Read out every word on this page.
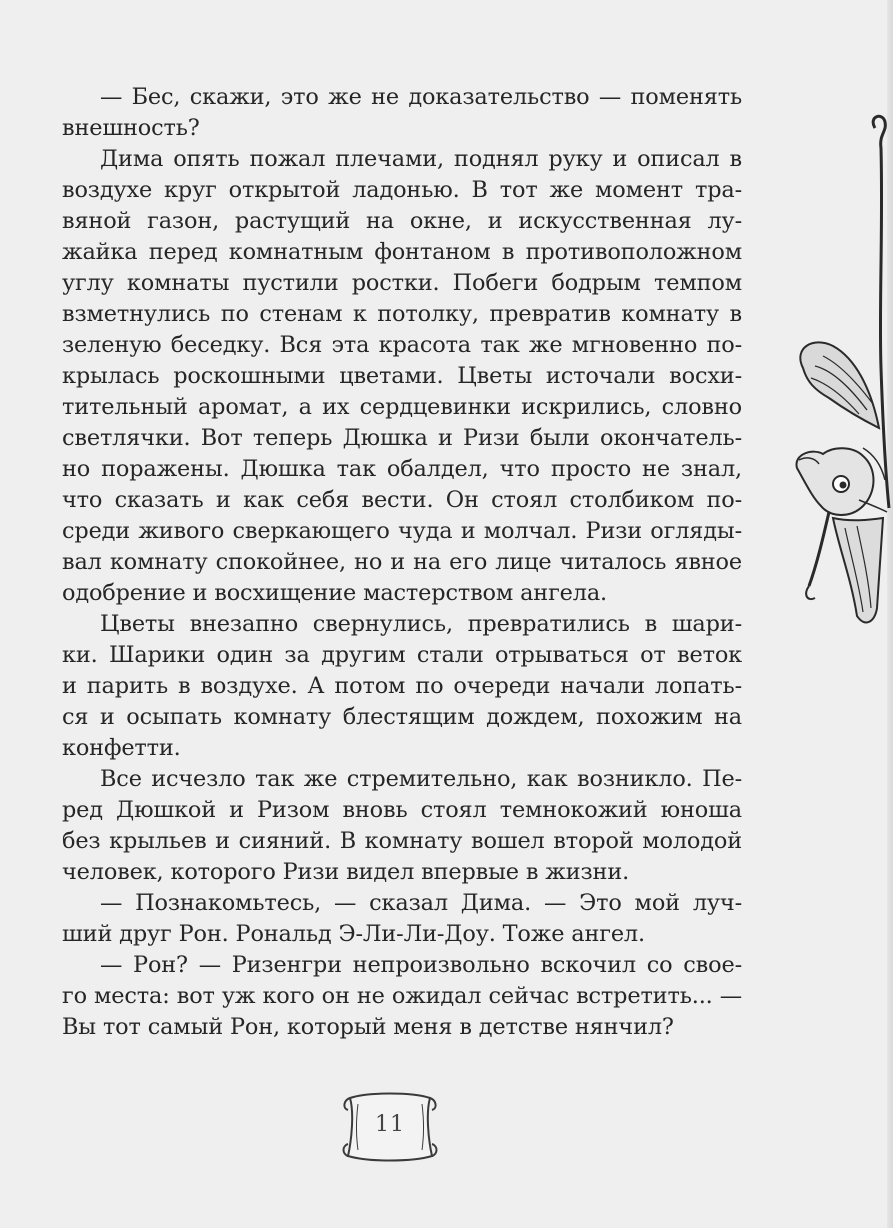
— Бес, скажи, это же не доказательство — поменять
внешность?

Дима опять пожал плечами, поднял руку и описал в
воздухе круг открытой ладонью. В тот же момент тра-
вяной газон, растущий на окне, и искусственная лу-
жайка перед комнатным фонтаном в противоположном
углу комнаты пустили ростки. Побеги бодрым темпом
взметнулись по стенам к потолку, превратив комнату в
зеленую беседку. Вся эта красота так же мгновенно по-
крылась роскошными цветами. Цветы источали восхи-
тительный аромат, а их сердцевинки искрились, словно
светлячки. Вот теперь Дюшка и Ризи были окончатель-
но поражены. Дюшка так обалдел, что просто не знал,
что сказать и как себя вести. Он стоял столбиком по-
среди живого сверкающего чуда и молчал. Ризи огляды-
вал комнату спокойнее, но и на его лице читалось явное
одобрение и восхищение мастерством ангела.

Цветы внезапно свернулись, превратились в шари-
ки. Шарики один за другим стали отрываться от веток
и парить в воздухе. А потом по очереди начали лопать-
ся и осыпать комнату блестящим дождем, похожим на
конфетти.

Все исчезло так же стремительно, как возникло. Пе-
ред Дюшкой и Ризом вновь стоял темнокожий юноша
без крыльев и сияний. В комнату вошел второй молодой
человек, которого Ризи видел впервые в жизни.

— Познакомьтесь, — сказал Дима. — Это мой луч-
ший друг Рон. Рональд Э-Ли-Ли-Доу. Тоже ангел.

— Рон? — Ризенгри непроизвольно вскочил со свое-
го места: вот уж кого он не ожидал сейчас встретить... —
Вы тот самый Рон, который меня в детстве нянчил?

11
